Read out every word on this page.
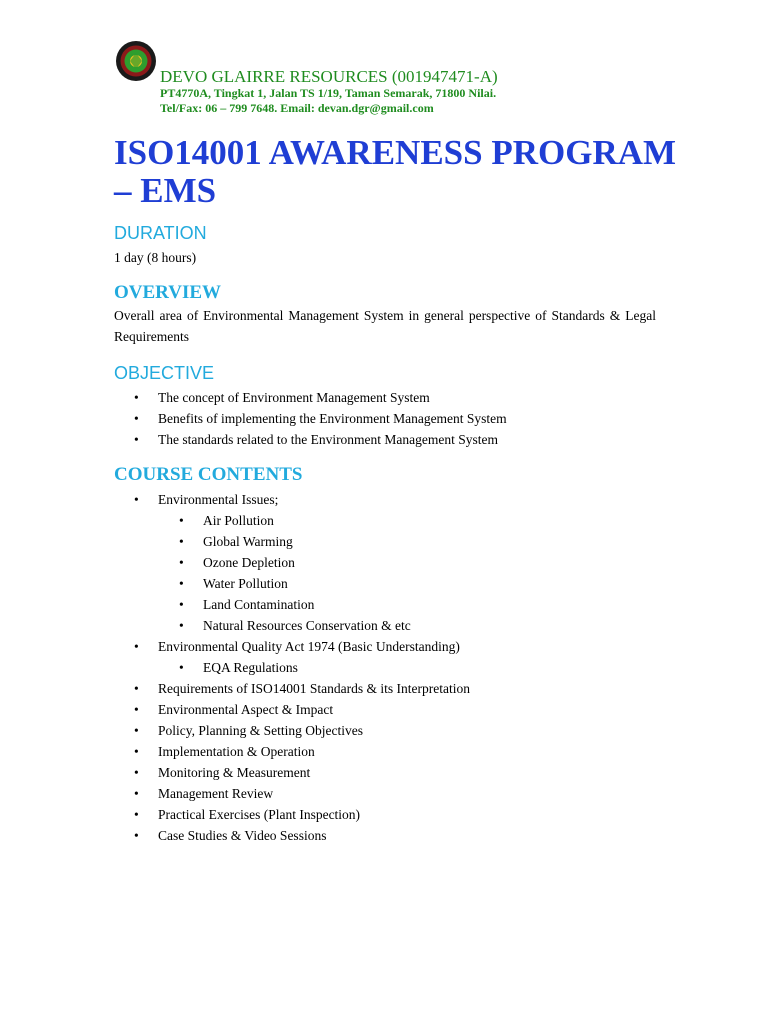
DEVO GLAIRRE RESOURCES (001947471-A)
PT4770A, Tingkat 1, Jalan TS 1/19, Taman Semarak, 71800 Nilai.
Tel/Fax: 06 – 799 7648. Email: devan.dgr@gmail.com
ISO14001 AWARENESS PROGRAM – EMS
DURATION

1 day (8 hours)

OVERVIEW

Overall area of Environmental Management System in general perspective of Standards & Legal Requirements

OBJECTIVE
• The concept of Environment Management System
• Benefits of implementing the Environment Management System
• The standards related to the Environment Management System
COURSE CONTENTS
• Environmental Issues;
• Air Pollution
• Global Warming
• Ozone Depletion
• Water Pollution
• Land Contamination
• Natural Resources Conservation & etc
• Environmental Quality Act 1974 (Basic Understanding)
• EQA Regulations
• Requirements of ISO14001 Standards & its Interpretation
• Environmental Aspect & Impact
• Policy, Planning & Setting Objectives
• Implementation & Operation
• Monitoring & Measurement
• Management Review
• Practical Exercises (Plant Inspection)
• Case Studies & Video Sessions
